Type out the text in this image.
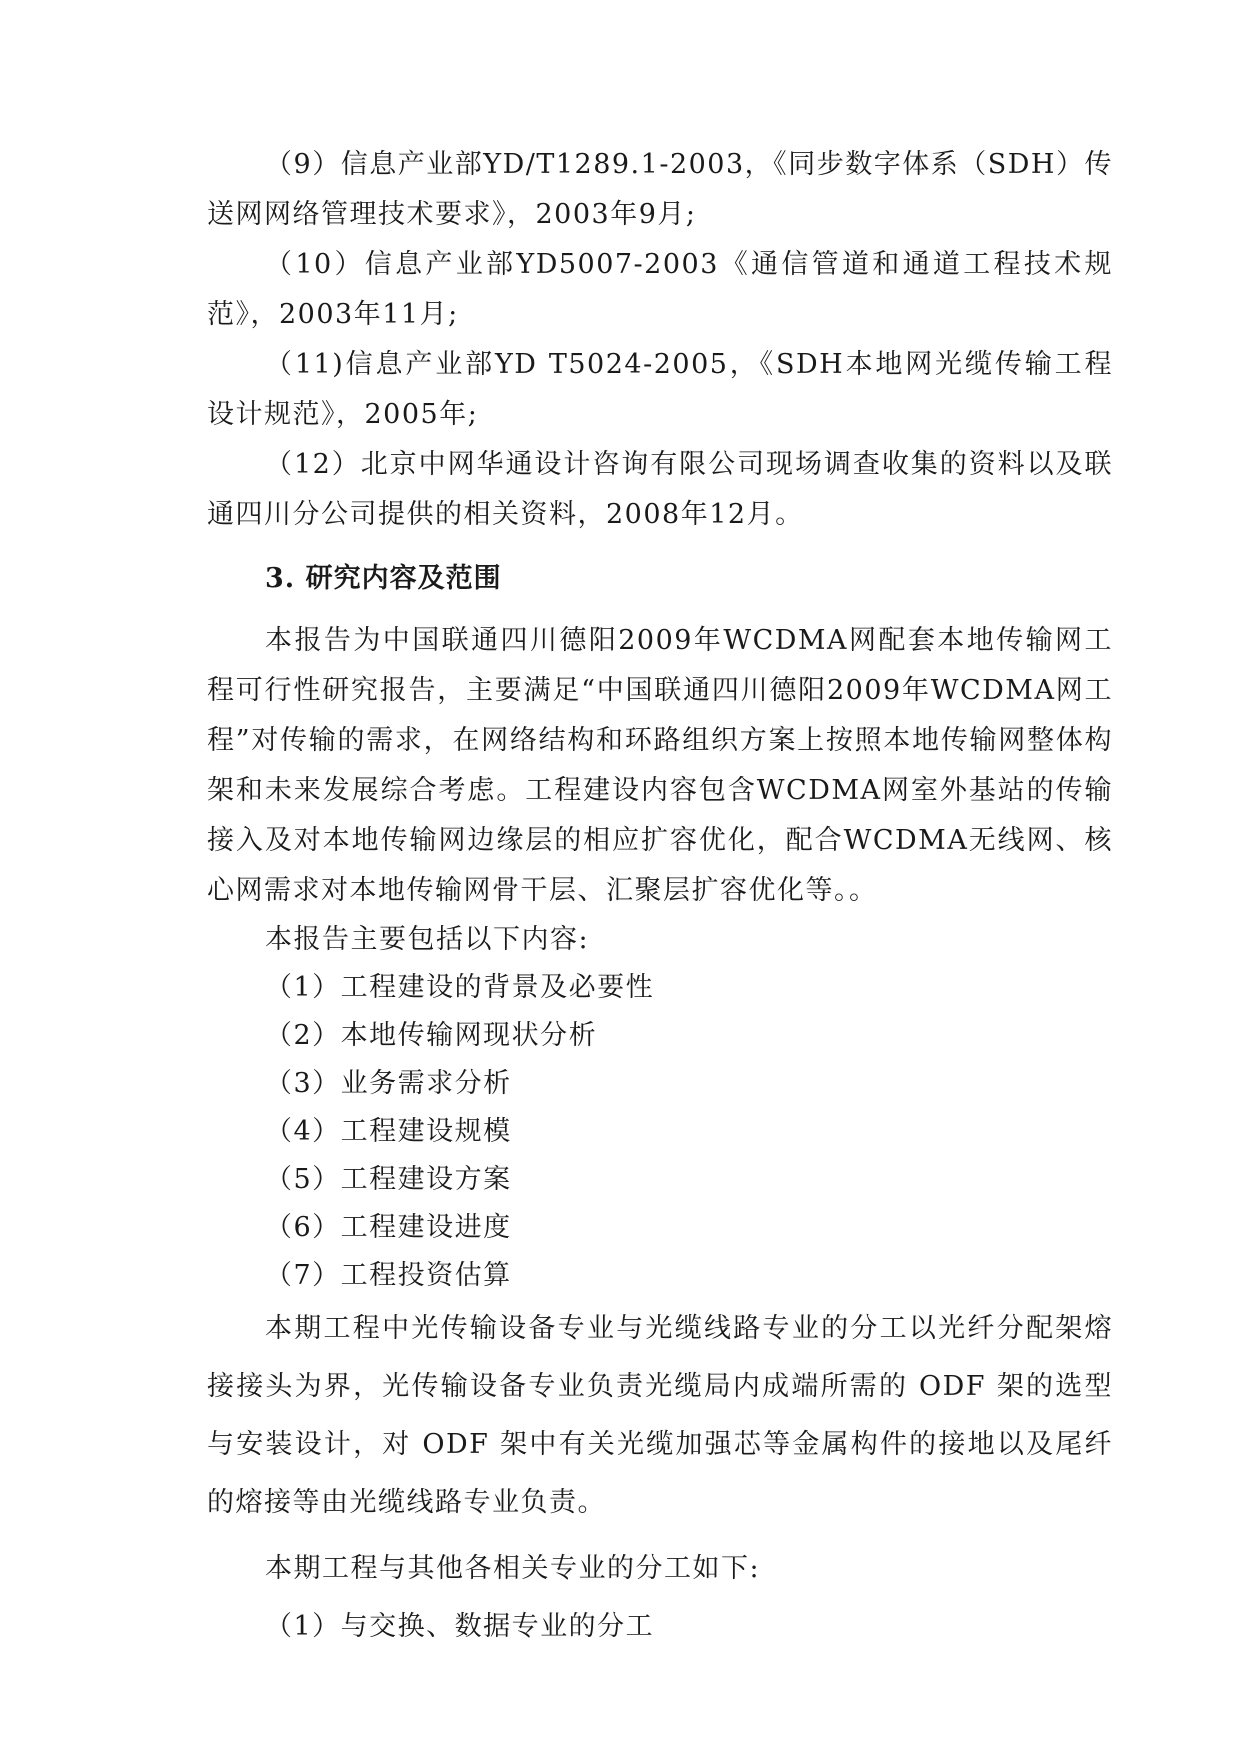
（9）信息产业部YD/T1289.1-2003，《同步数字体系（SDH）传送网网络管理技术要求》，2003年9月;

（10）信息产业部YD5007-2003《通信管道和通道工程技术规范》，2003年11月;

（11)信息产业部YD T5024-2005，《SDH本地网光缆传输工程设计规范》，2005年;

（12）北京中网华通设计咨询有限公司现场调查收集的资料以及联通四川分公司提供的相关资料，2008年12月。

3. 研究内容及范围

本报告为中国联通四川德阳2009年WCDMA网配套本地传输网工程可行性研究报告，主要满足“中国联通四川德阳2009年WCDMA网工程”对传输的需求，在网络结构和环路组织方案上按照本地传输网整体构架和未来发展综合考虑。工程建设内容包含WCDMA网室外基站的传输接入及对本地传输网边缘层的相应扩容优化，配合WCDMA无线网、核心网需求对本地传输网骨干层、汇聚层扩容优化等。。

本报告主要包括以下内容:

（1）工程建设的背景及必要性

（2）本地传输网现状分析

（3）业务需求分析

（4）工程建设规模

（5）工程建设方案

（6）工程建设进度

（7）工程投资估算

本期工程中光传输设备专业与光缆线路专业的分工以光纤分配架熔接接头为界，光传输设备专业负责光缆局内成端所需的 ODF 架的选型与安装设计，对 ODF 架中有关光缆加强芯等金属构件的接地以及尾纤的熔接等由光缆线路专业负责。

本期工程与其他各相关专业的分工如下:

（1）与交换、数据专业的分工
